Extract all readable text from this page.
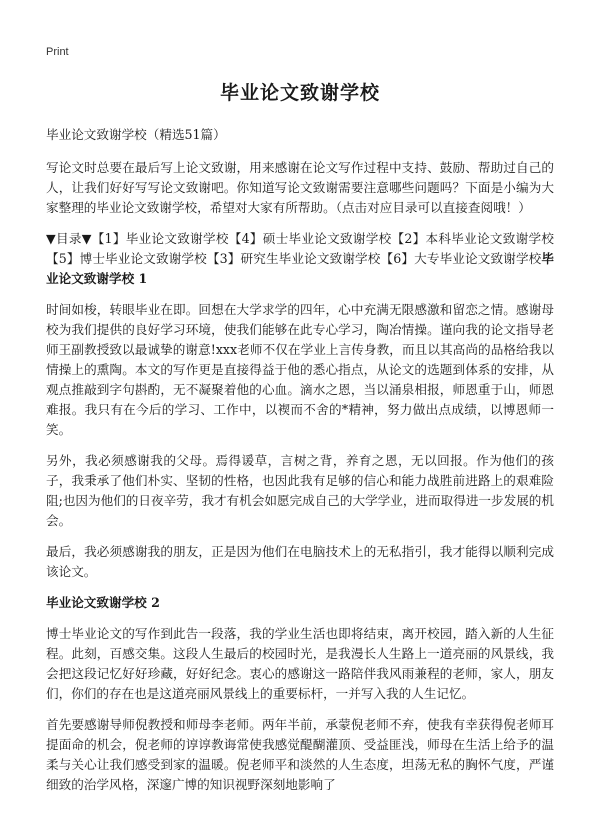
Print
毕业论文致谢学校

毕业论文致谢学校（精选51篇）

写论文时总要在最后写上论文致谢，用来感谢在论文写作过程中支持、鼓励、帮助过自己的人，让我们好好写写论文致谢吧。你知道写论文致谢需要注意哪些问题吗？下面是小编为大家整理的毕业论文致谢学校，希望对大家有所帮助。（点击对应目录可以直接查阅哦！）

▼目录▼【1】毕业论文致谢学校【4】硕士毕业论文致谢学校【2】本科毕业论文致谢学校【5】博士毕业论文致谢学校【3】研究生毕业论文致谢学校【6】大专毕业论文致谢学校毕业论文致谢学校 1

时间如梭，转眼毕业在即。回想在大学求学的四年，心中充满无限感激和留恋之情。感谢母校为我们提供的良好学习环境，使我们能够在此专心学习，陶冶情操。谨向我的论文指导老师王副教授致以最诚挚的谢意!xxx老师不仅在学业上言传身教，而且以其高尚的品格给我以情操上的熏陶。本文的写作更是直接得益于他的悉心指点，从论文的选题到体系的安排，从观点推敲到字句斟酌，无不凝聚着他的心血。滴水之恩，当以涌泉相报，师恩重于山，师恩难报。我只有在今后的学习、工作中，以褉而不舍的*精神，努力做出点成绩，以博恩师一笑。

另外，我必须感谢我的父母。焉得谖草，言树之背，养育之恩，无以回报。作为他们的孩子，我秉承了他们朴实、坚韧的性格，也因此我有足够的信心和能力战胜前进路上的艰难险阻;也因为他们的日夜辛劳，我才有机会如愿完成自己的大学学业，进而取得进一步发展的机会。

最后，我必须感谢我的朋友，正是因为他们在电脑技术上的无私指引，我才能得以顺利完成该论文。

毕业论文致谢学校 2

博士毕业论文的写作到此告一段落，我的学业生活也即将结束，离开校园，踏入新的人生征程。此刻，百感交集。这段人生最后的校园时光，是我漫长人生路上一道亮丽的风景线，我会把这段记忆好好珍藏，好好纪念。衷心的感谢这一路陪伴我风雨兼程的老师，家人，朋友们，你们的存在也是这道亮丽风景线上的重要标杆，一并写入我的人生记忆。

首先要感谢导师倪教授和师母李老师。两年半前，承蒙倪老师不弃，使我有幸获得倪老师耳提面命的机会，倪老师的谆谆教诲常使我感觉醍醐灌顶、受益匪浅，师母在生活上给予的温柔与关心让我们感受到家的温暖。倪老师平和淡然的人生态度，坦荡无私的胸怀气度，严谨细致的治学风格，深邃广博的知识视野深刻地影响了
